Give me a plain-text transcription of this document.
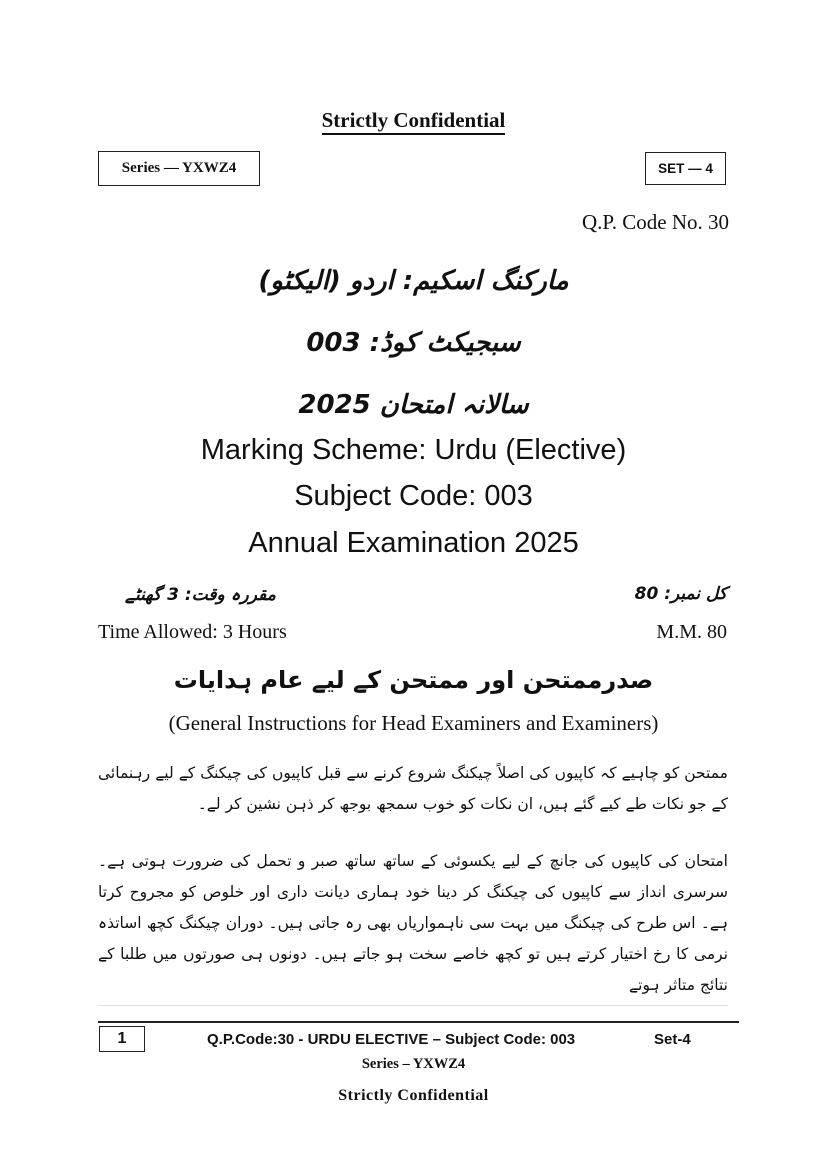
Strictly Confidential
Series — YXWZ4	SET — 4
Q.P. Code No. 30
مارکنگ اسکیم: اردو (الیکٹو)
سبجیکٹ کوڈ: 003
سالانہ امتحان 2025
Marking Scheme: Urdu (Elective)
Subject Code: 003
Annual Examination 2025
مقررہ وقت: 3 گھنٹے	کل نمبر: 80
Time Allowed: 3 Hours	M.M. 80
صدرممتحن اور ممتحن کے لیے عام ہدایات
(General Instructions for Head Examiners and Examiners)
ممتحن کو چاہیے کہ کاپیوں کی اصلاً چیکنگ شروع کرنے سے قبل کاپیوں کی چیکنگ کے لیے رہنمائی کے جو نکات طے کیے گئے ہیں، ان نکات کو خوب سمجھ بوجھ کر ذہن نشین کر لے۔
امتحان کی کاپیوں کی جانچ کے لیے یکسوئی کے ساتھ ساتھ صبر و تحمل کی ضرورت ہوتی ہے۔ سرسری انداز سے کاپیوں کی چیکنگ کر دینا خود ہماری دیانت داری اور خلوص کو مجروح کرتا ہے۔ اس طرح کی چیکنگ میں بہت سی ناہمواریاں بھی رہ جاتی ہیں۔ دوران چیکنگ کچھ اساتذہ نرمی کا رخ اختیار کرتے ہیں تو کچھ خاصے سخت ہو جاتے ہیں۔ دونوں ہی صورتوں میں طلبا کے نتائج متاثر ہوتے
1	Q.P.Code:30 - URDU ELECTIVE – Subject Code: 003	Set-4
Series – YXWZ4
Strictly Confidential
